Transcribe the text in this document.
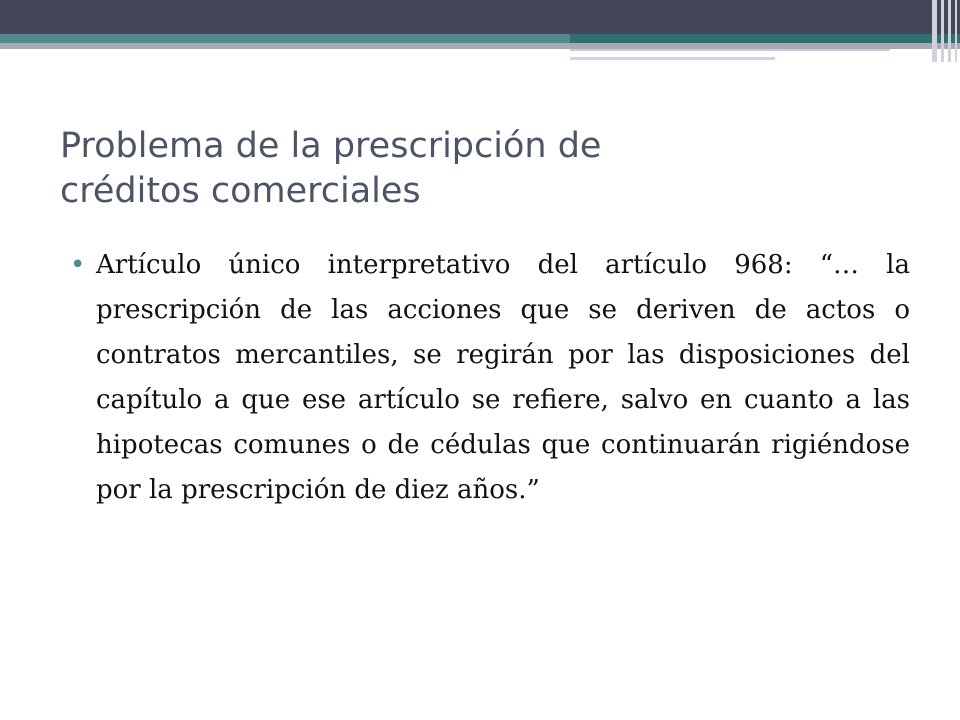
Problema de la prescripción de
créditos comerciales
• Artículo único interpretativo del artículo 968: “… la prescripción de las acciones que se deriven de actos o contratos mercantiles, se regirán por las disposiciones del capítulo a que ese artículo se refiere, salvo en cuanto a las hipotecas comunes o de cédulas que continuarán rigiéndose por la prescripción de diez años.”
